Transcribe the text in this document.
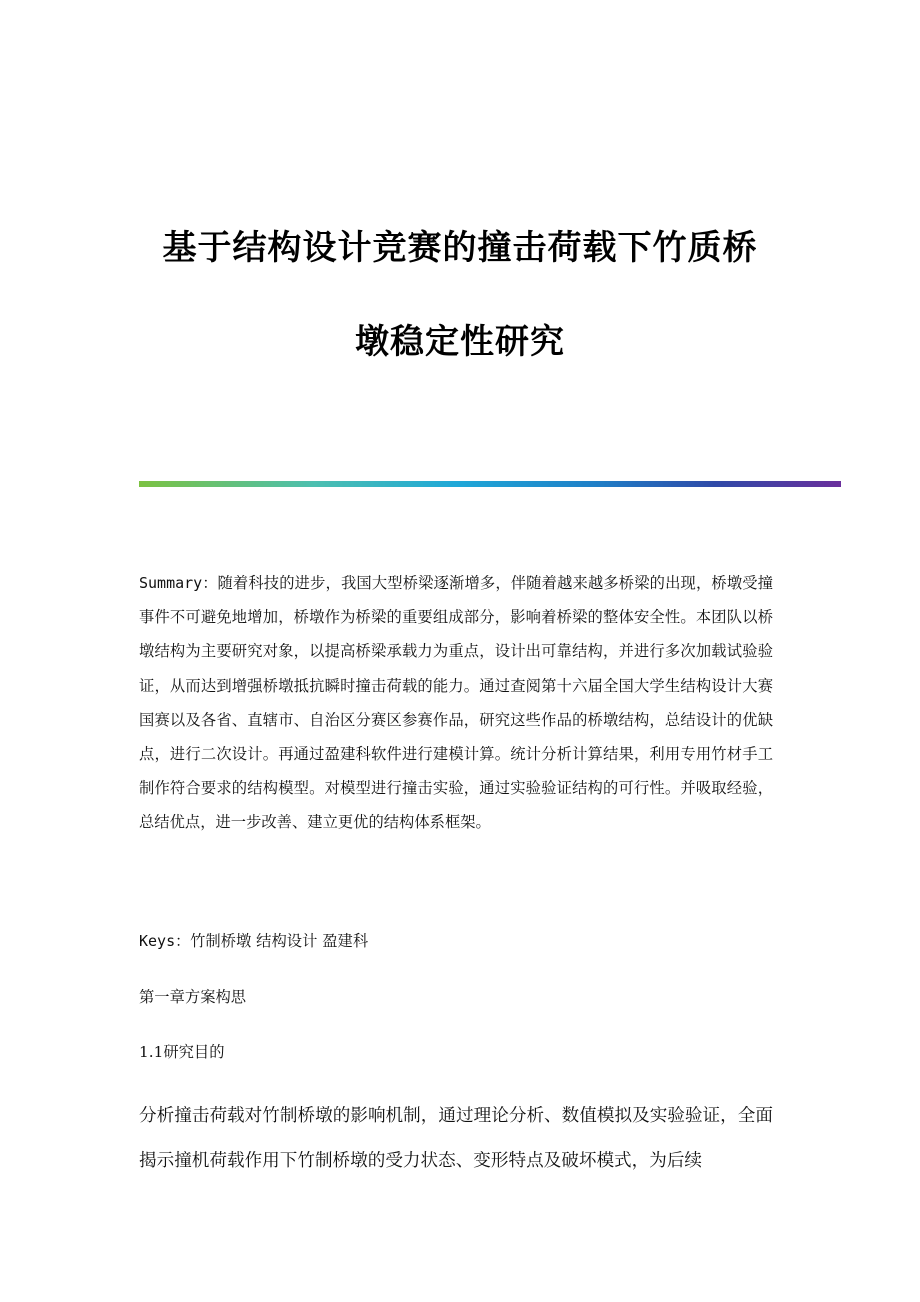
基于结构设计竞赛的撞击荷载下竹质桥
墩稳定性研究

Summary：随着科技的进步，我国大型桥梁逐渐增多，伴随着越来越多桥梁的出现，桥墩受撞事件不可避免地增加，桥墩作为桥梁的重要组成部分，影响着桥梁的整体安全性。本团队以桥墩结构为主要研究对象，以提高桥梁承载力为重点，设计出可靠结构，并进行多次加载试验验证，从而达到增强桥墩抵抗瞬时撞击荷载的能力。通过查阅第十六届全国大学生结构设计大赛国赛以及各省、直辖市、自治区分赛区参赛作品，研究这些作品的桥墩结构，总结设计的优缺点，进行二次设计。再通过盈建科软件进行建模计算。统计分析计算结果，利用专用竹材手工制作符合要求的结构模型。对模型进行撞击实验，通过实验验证结构的可行性。并吸取经验，总结优点，进一步改善、建立更优的结构体系框架。

Keys：竹制桥墩 结构设计 盈建科

第一章方案构思

1.1研究目的

分析撞击荷载对竹制桥墩的影响机制，通过理论分析、数值模拟及实验验证，全面揭示撞机荷载作用下竹制桥墩的受力状态、变形特点及破坏模式，为后续
